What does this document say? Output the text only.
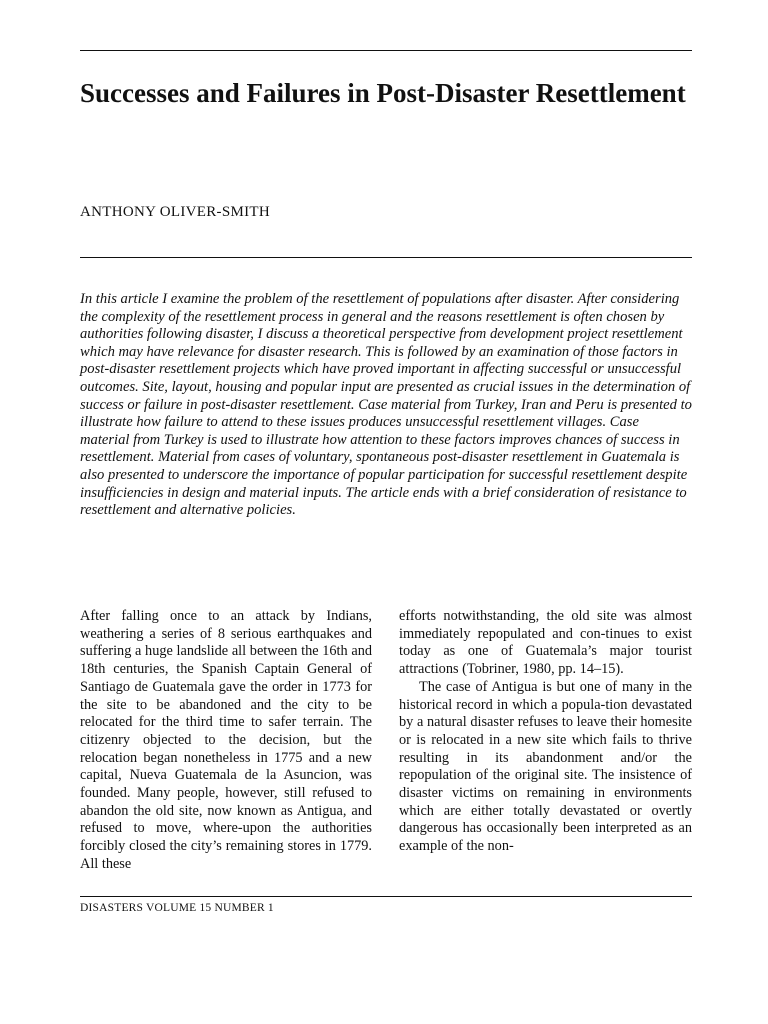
Successes and Failures in Post-Disaster Resettlement

ANTHONY OLIVER-SMITH

In this article I examine the problem of the resettlement of populations after disaster. After considering the complexity of the resettlement process in general and the reasons resettlement is often chosen by authorities following disaster, I discuss a theoretical perspective from development project resettlement which may have relevance for disaster research. This is followed by an examination of those factors in post-disaster resettlement projects which have proved important in affecting successful or unsuccessful outcomes. Site, layout, housing and popular input are presented as crucial issues in the determination of success or failure in post-disaster resettlement. Case material from Turkey, Iran and Peru is presented to illustrate how failure to attend to these issues produces unsuccessful resettlement villages. Case material from Turkey is used to illustrate how attention to these factors improves chances of success in resettlement. Material from cases of voluntary, spontaneous post-disaster resettlement in Guatemala is also presented to underscore the importance of popular participation for successful resettlement despite insufficiencies in design and material inputs. The article ends with a brief consideration of resistance to resettlement and alternative policies.

After falling once to an attack by Indians, weathering a series of 8 serious earthquakes and suffering a huge landslide all between the 16th and 18th centuries, the Spanish Captain General of Santiago de Guatemala gave the order in 1773 for the site to be abandoned and the city to be relocated for the third time to safer terrain. The citizenry objected to the decision, but the relocation began nonetheless in 1775 and a new capital, Nueva Guatemala de la Asuncion, was founded. Many people, however, still refused to abandon the old site, now known as Antigua, and refused to move, where-upon the authorities forcibly closed the city’s remaining stores in 1779. All these

efforts notwithstanding, the old site was almost immediately repopulated and con-tinues to exist today as one of Guatemala’s major tourist attractions (Tobriner, 1980, pp. 14–15).

The case of Antigua is but one of many in the historical record in which a popula-tion devastated by a natural disaster refuses to leave their homesite or is relocated in a new site which fails to thrive resulting in its abandonment and/or the repopulation of the original site. The insistence of disaster victims on remaining in environments which are either totally devastated or overtly dangerous has occasionally been interpreted as an example of the non-

DISASTERS VOLUME 15 NUMBER 1
